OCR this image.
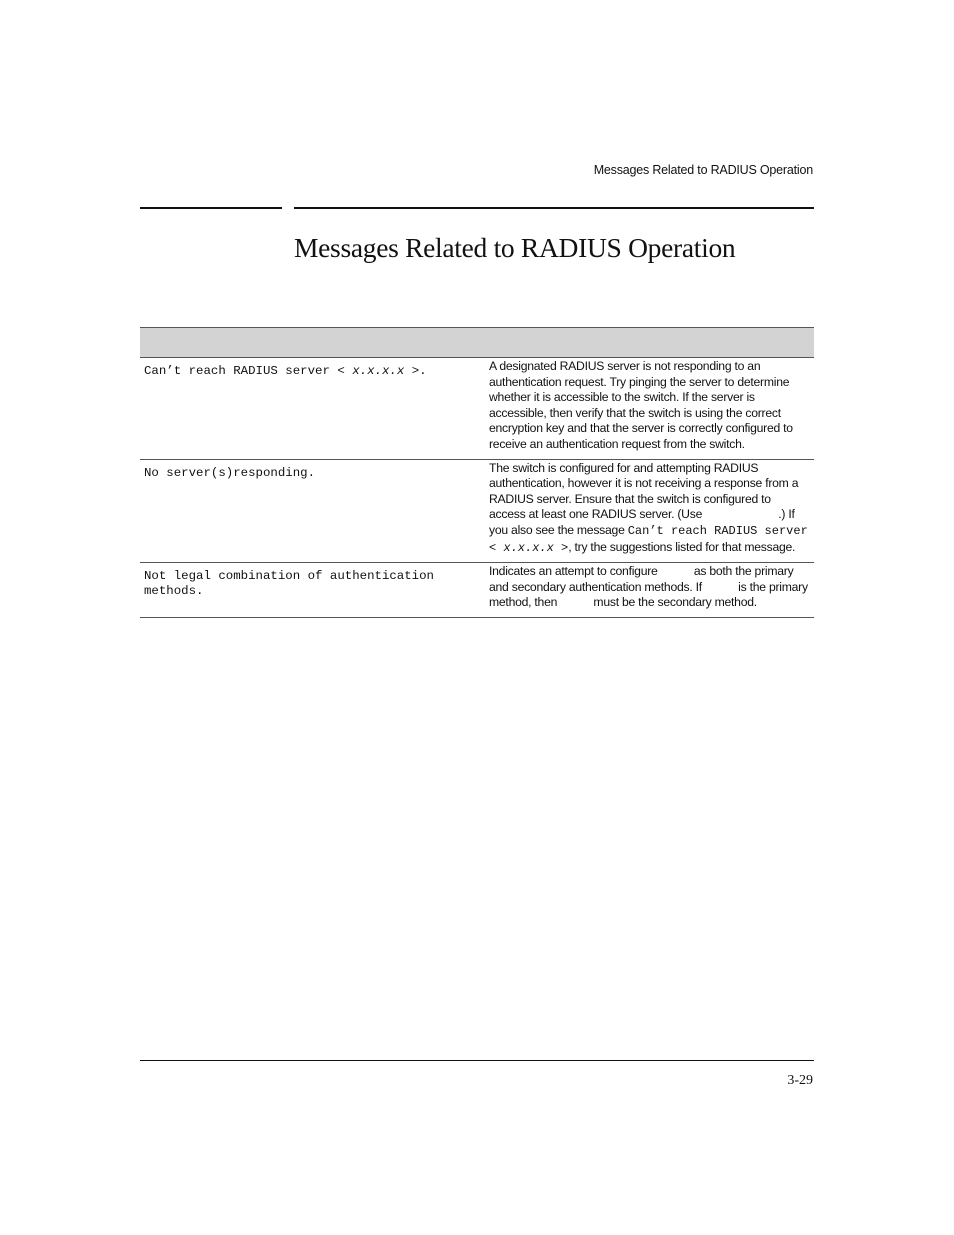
Messages Related to RADIUS Operation
Messages Related to RADIUS Operation

Can’t reach RADIUS server < x.x.x.x >.	A designated RADIUS server is not responding to an authentication request. Try pinging the server to determine whether it is accessible to the switch. If the server is accessible, then verify that the switch is using the correct encryption key and that the server is correctly configured to receive an authentication request from the switch.
No server(s)responding.	The switch is configured for and attempting RADIUS authentication, however it is not receiving a response from a RADIUS server. Ensure that the switch is configured to access at least one RADIUS server. (Use .) If you also see the message Can’t reach RADIUS server < x.x.x.x >, try the suggestions listed for that message.
Not legal combination of authentication methods.	Indicates an attempt to configure  as both the primary and secondary authentication methods. If  is the primary method, then  must be the secondary method.
3-29
